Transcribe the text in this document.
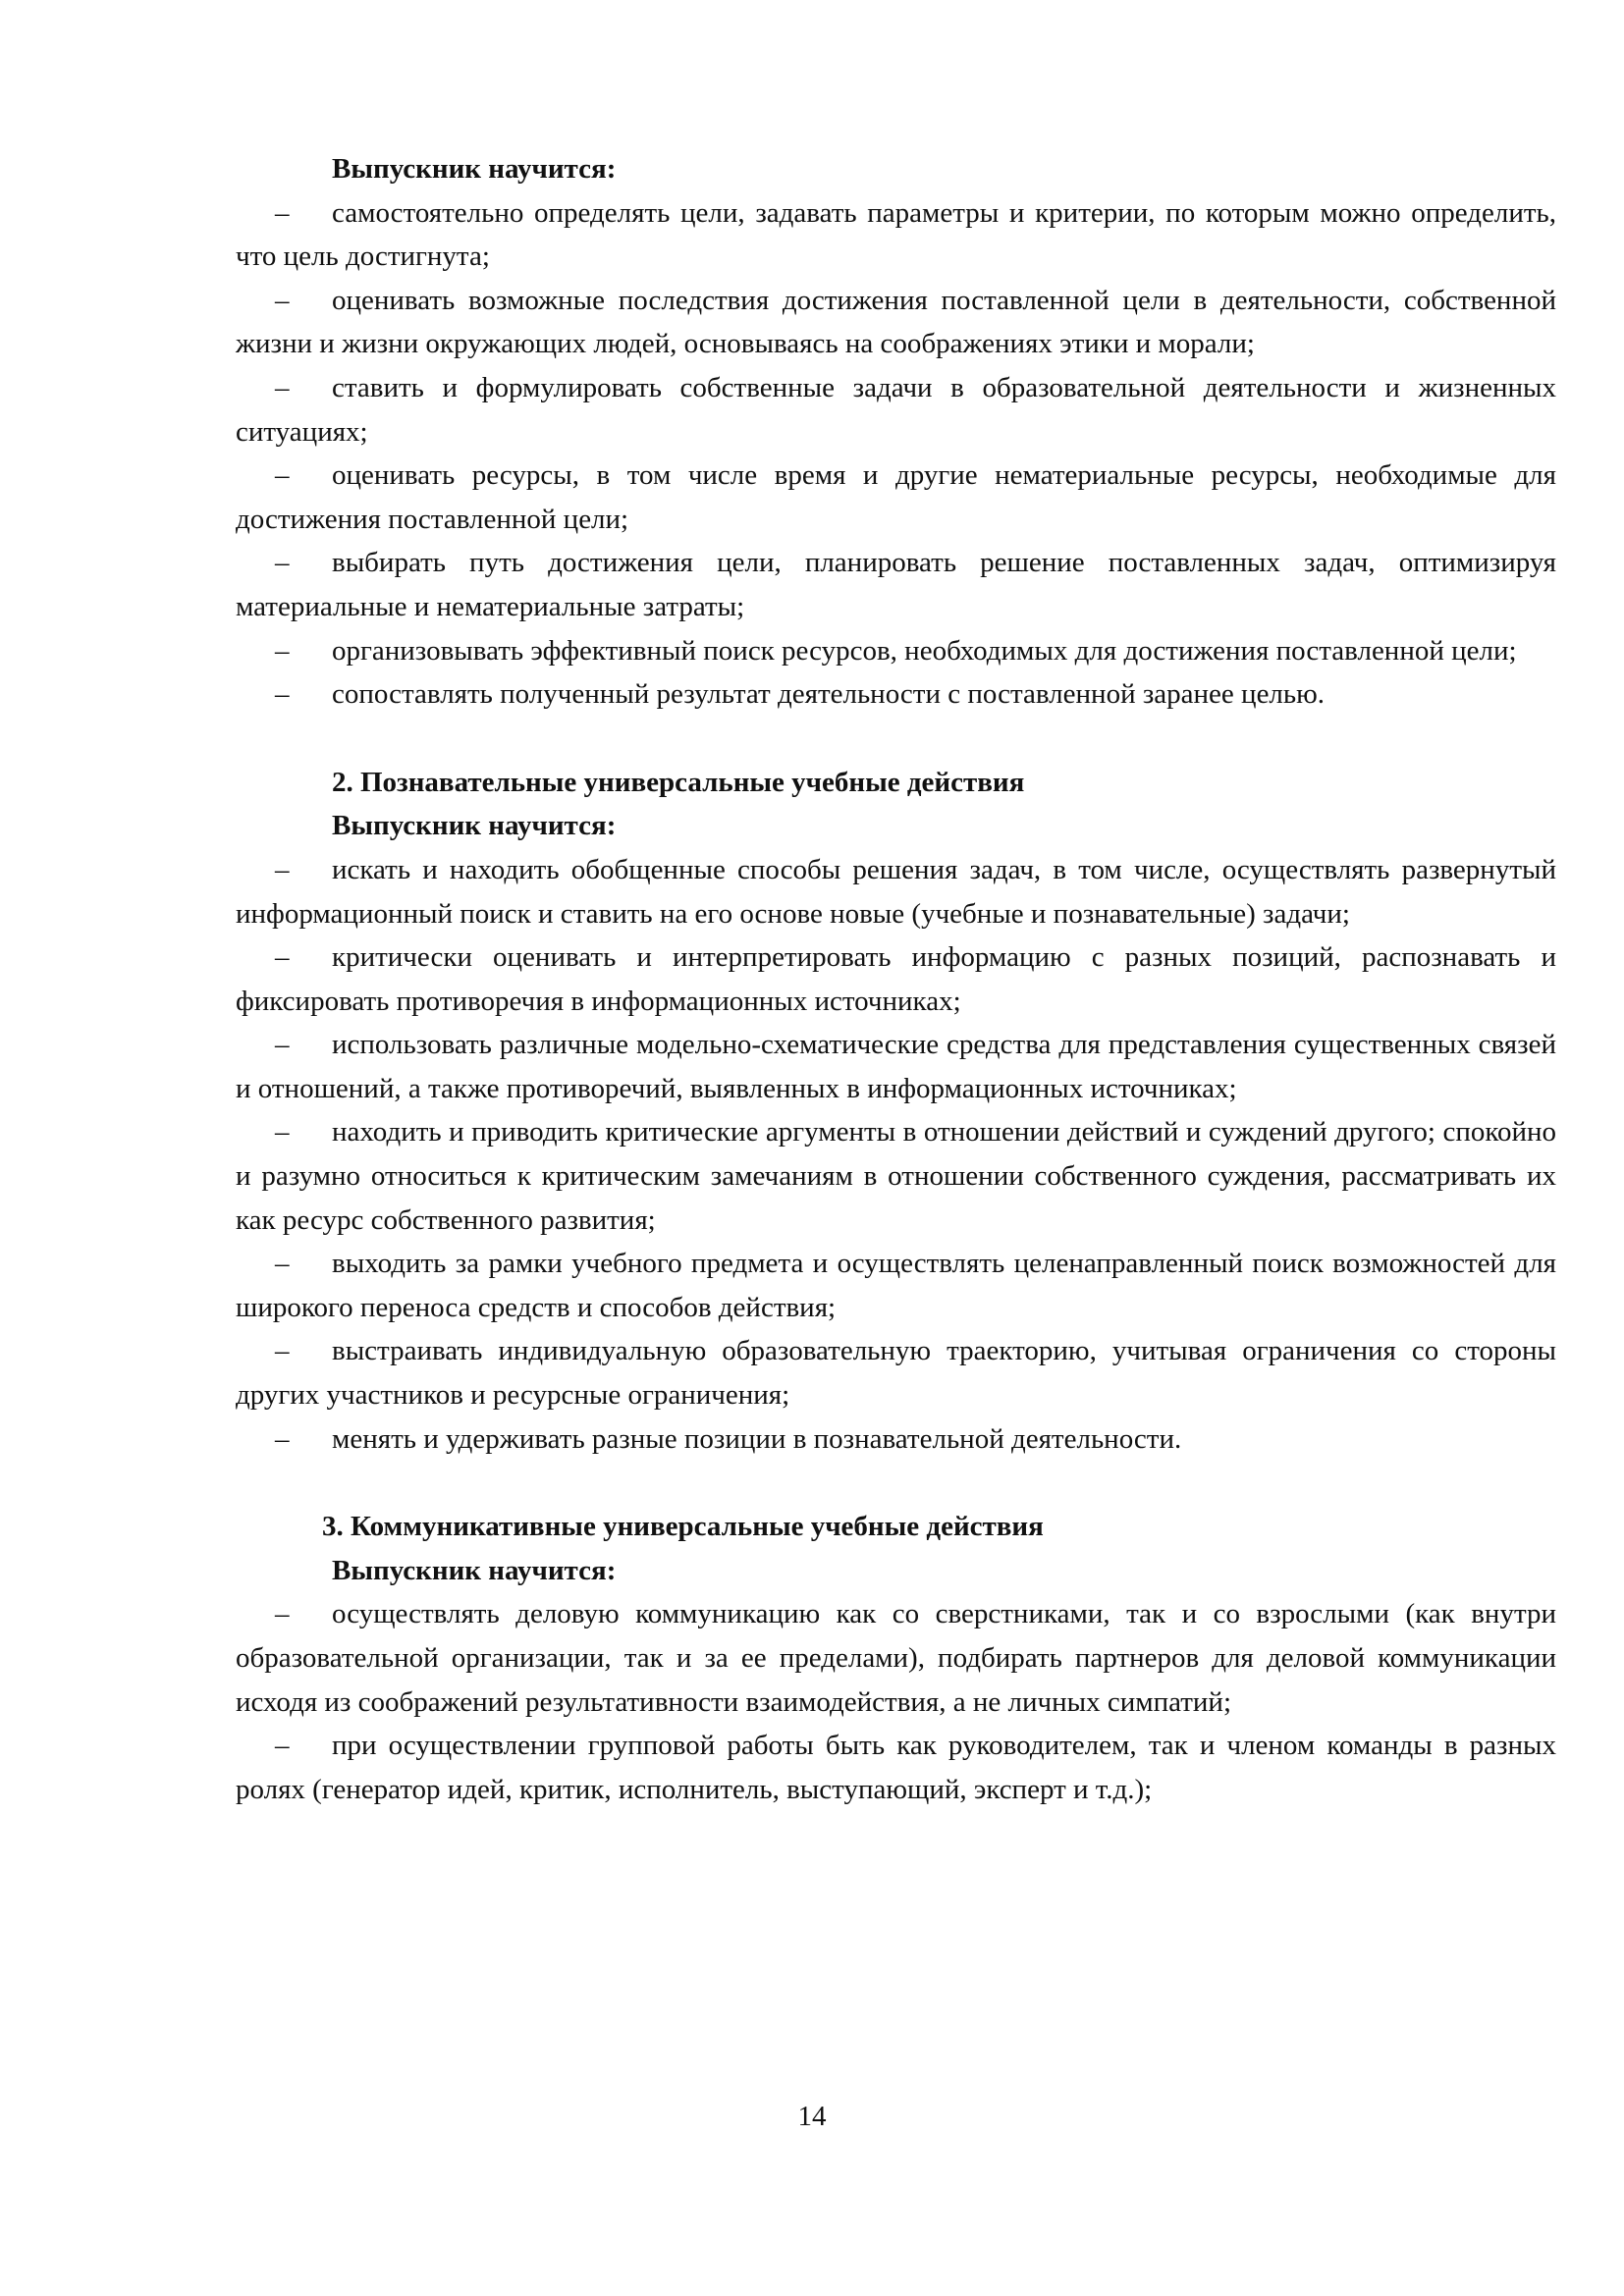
Выпускник научится:

– самостоятельно определять цели, задавать параметры и критерии, по которым можно определить, что цель достигнута;

– оценивать возможные последствия достижения поставленной цели в деятельности, собственной жизни и жизни окружающих людей, основываясь на соображениях этики и морали;

– ставить и формулировать собственные задачи в образовательной деятельности и жизненных ситуациях;

– оценивать ресурсы, в том числе время и другие нематериальные ресурсы, необходимые для достижения поставленной цели;

– выбирать путь достижения цели, планировать решение поставленных задач, оптимизируя материальные и нематериальные затраты;

– организовывать эффективный поиск ресурсов, необходимых для достижения поставленной цели;

– сопоставлять полученный результат деятельности с поставленной заранее целью.

2. Познавательные универсальные учебные действия

Выпускник научится:

– искать и находить обобщенные способы решения задач, в том числе, осуществлять развернутый информационный поиск и ставить на его основе новые (учебные и познавательные) задачи;

– критически оценивать и интерпретировать информацию с разных позиций, распознавать и фиксировать противоречия в информационных источниках;

– использовать различные модельно-схематические средства для представления существенных связей и отношений, а также противоречий, выявленных в информационных источниках;

– находить и приводить критические аргументы в отношении действий и суждений другого; спокойно и разумно относиться к критическим замечаниям в отношении собственного суждения, рассматривать их как ресурс собственного развития;

– выходить за рамки учебного предмета и осуществлять целенаправленный поиск возможностей для широкого переноса средств и способов действия;

– выстраивать индивидуальную образовательную траекторию, учитывая ограничения со стороны других участников и ресурсные ограничения;

– менять и удерживать разные позиции в познавательной деятельности.

3. Коммуникативные универсальные учебные действия

Выпускник научится:

– осуществлять деловую коммуникацию как со сверстниками, так и со взрослыми (как внутри образовательной организации, так и за ее пределами), подбирать партнеров для деловой коммуникации исходя из соображений результативности взаимодействия, а не личных симпатий;

– при осуществлении групповой работы быть как руководителем, так и членом команды в разных ролях (генератор идей, критик, исполнитель, выступающий, эксперт и т.д.);

14
